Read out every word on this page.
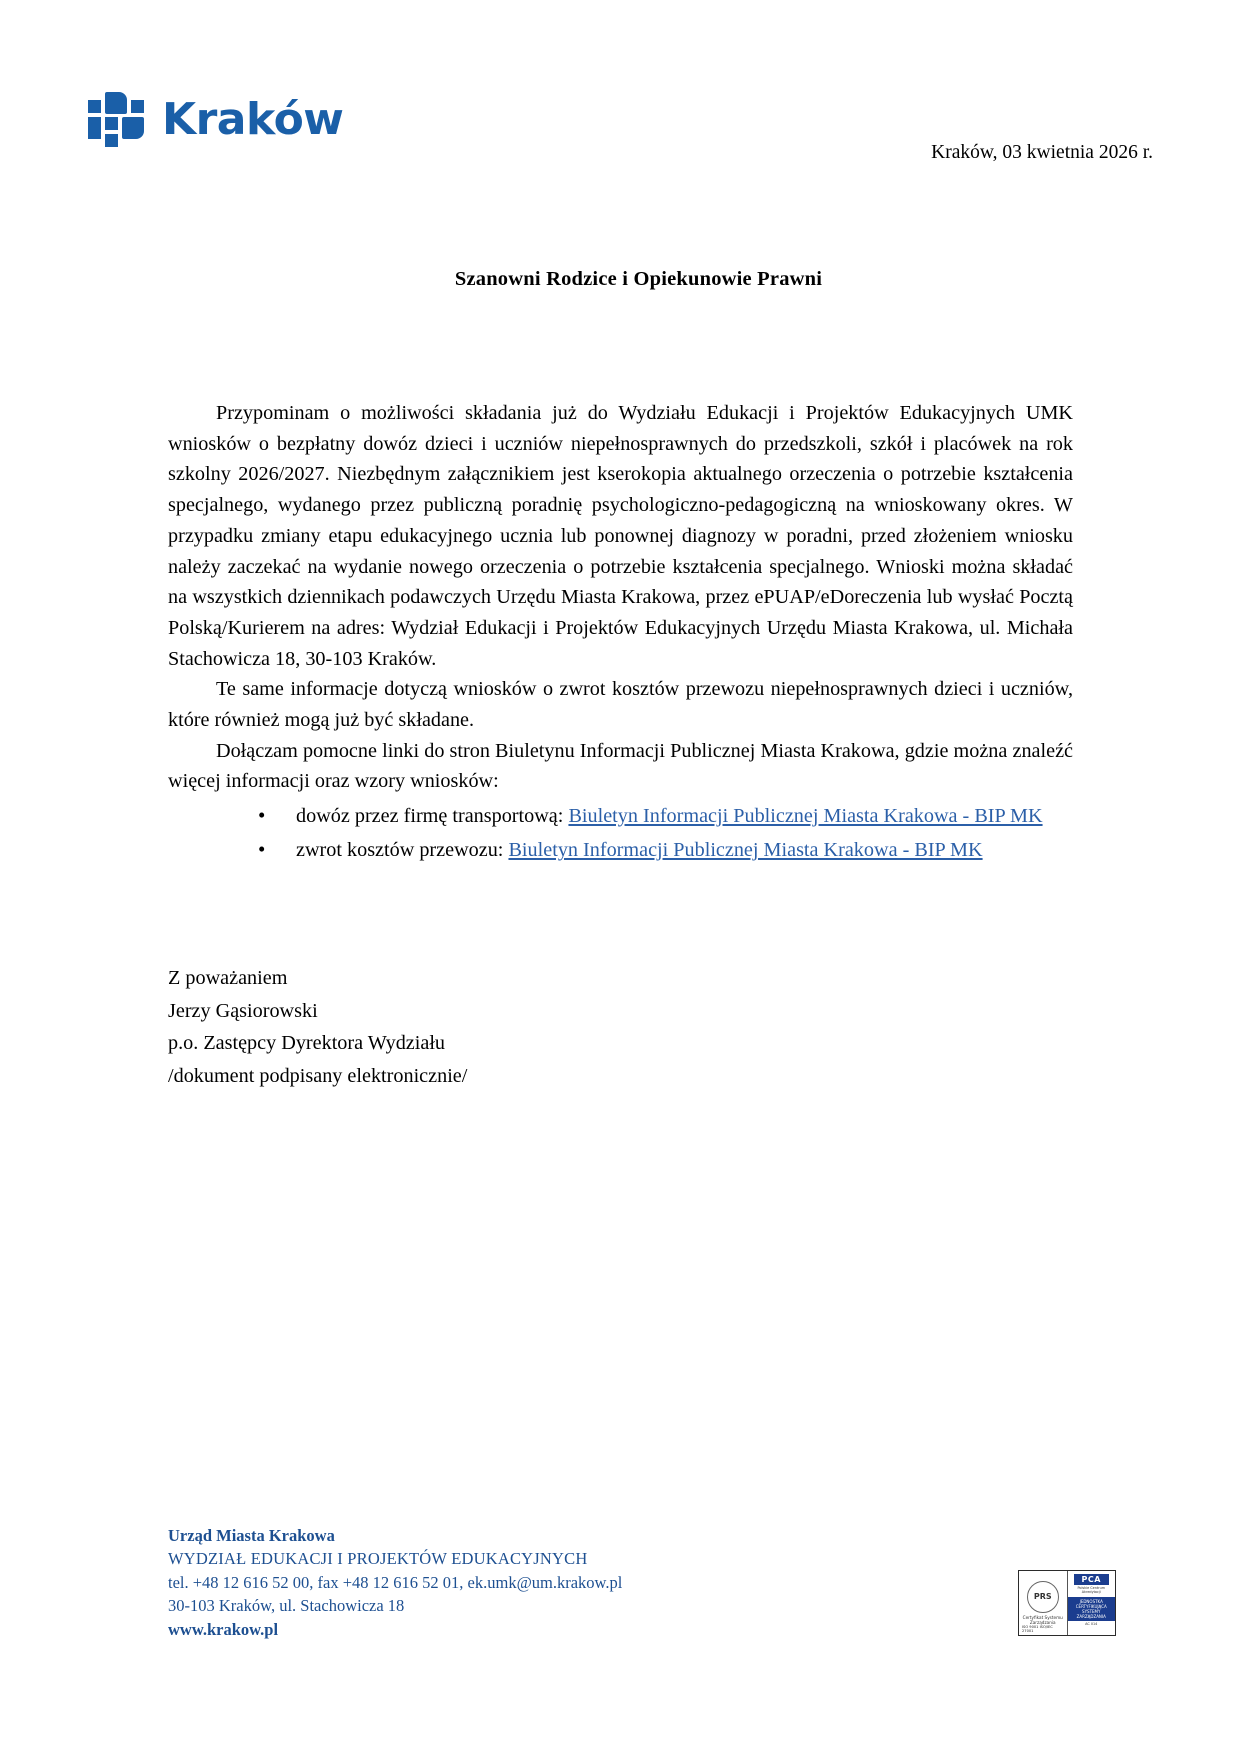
Kraków
Kraków, 03 kwietnia 2026 r.
Szanowni Rodzice i Opiekunowie Prawni

Przypominam o możliwości składania już do Wydziału Edukacji i Projektów Edukacyjnych UMK wniosków o bezpłatny dowóz dzieci i uczniów niepełnosprawnych do przedszkoli, szkół i placówek na rok szkolny 2026/2027. Niezbędnym załącznikiem jest kserokopia aktualnego orzeczenia o potrzebie kształcenia specjalnego, wydanego przez publiczną poradnię psychologiczno-pedagogiczną na wnioskowany okres. W przypadku zmiany etapu edukacyjnego ucznia lub ponownej diagnozy w poradni, przed złożeniem wniosku należy zaczekać na wydanie nowego orzeczenia o potrzebie kształcenia specjalnego. Wnioski można składać na wszystkich dziennikach podawczych Urzędu Miasta Krakowa, przez ePUAP/eDoreczenia lub wysłać Pocztą Polską/Kurierem na adres: Wydział Edukacji i Projektów Edukacyjnych Urzędu Miasta Krakowa, ul. Michała Stachowicza 18, 30-103 Kraków.

Te same informacje dotyczą wniosków o zwrot kosztów przewozu niepełnosprawnych dzieci i uczniów, które również mogą już być składane.

Dołączam pomocne linki do stron Biuletynu Informacji Publicznej Miasta Krakowa, gdzie można znaleźć więcej informacji oraz wzory wniosków:

• dowóz przez firmę transportową: Biuletyn Informacji Publicznej Miasta Krakowa - BIP MK
• zwrot kosztów przewozu: Biuletyn Informacji Publicznej Miasta Krakowa - BIP MK
Z poważaniem
Jerzy Gąsiorowski
p.o. Zastępcy Dyrektora Wydziału
/dokument podpisany elektronicznie/
Urząd Miasta Krakowa
WYDZIAŁ EDUKACJI I PROJEKTÓW EDUKACYJNYCH
tel. +48 12 616 52 00, fax +48 12 616 52 01, ek.umk@um.krakow.pl
30-103 Kraków, ul. Stachowicza 18
www.krakow.pl
PRS
Certyfikat Systemu Zarządzania
ISO 9001 ISO/IEC 27001
PCA
Polskie Centrum Akredytacji
JEDNOSTKA CERTYFIKUJĄCA SYSTEMY ZARZĄDZANIA
AC 014
